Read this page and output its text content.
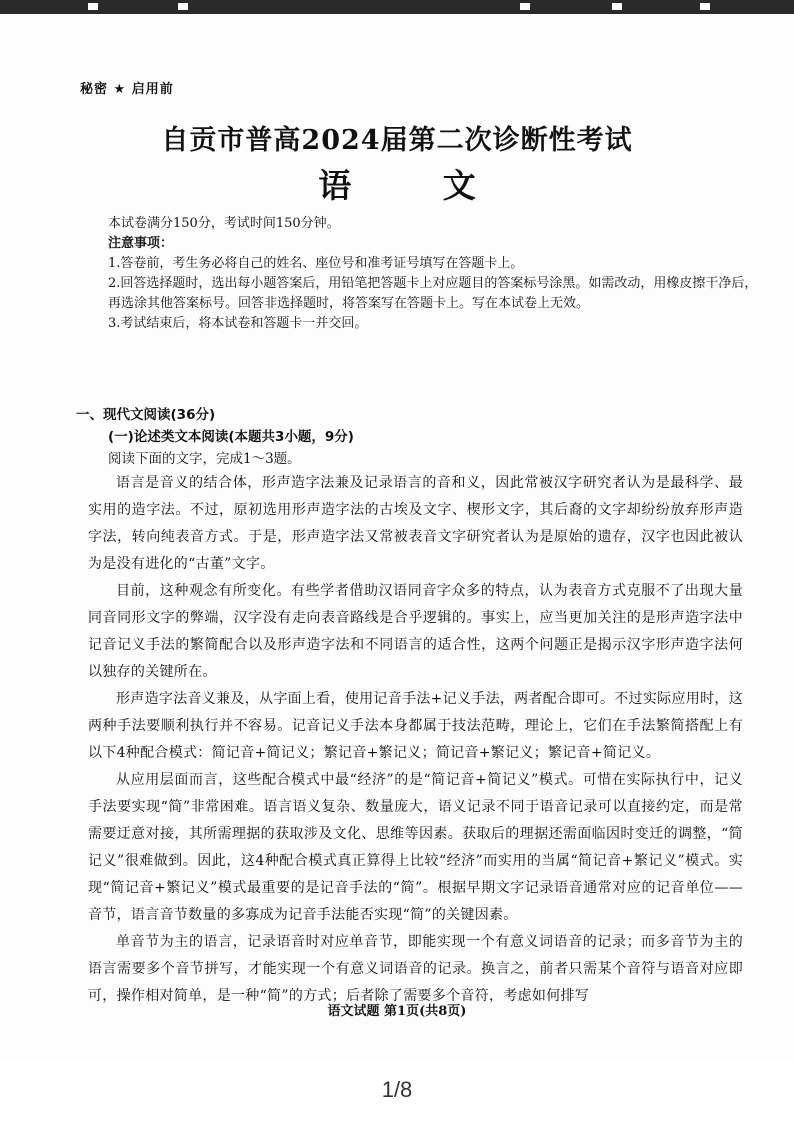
秘密 ★ 启用前
自贡市普高2024届第二次诊断性考试
语 文

本试卷满分150分，考试时间150分钟。

注意事项：

1.答卷前，考生务必将自己的姓名、座位号和准考证号填写在答题卡上。

2.回答选择题时，选出每小题答案后，用铅笔把答题卡上对应题目的答案标号涂黑。如需改动，用橡皮擦干净后，再选涂其他答案标号。回答非选择题时，将答案写在答题卡上。写在本试卷上无效。

3.考试结束后，将本试卷和答题卡一并交回。

一、现代文阅读(36分)
(一)论述类文本阅读(本题共3小题，9分)
阅读下面的文字，完成1～3题。

语言是音义的结合体，形声造字法兼及记录语言的音和义，因此常被汉字研究者认为是最科学、最实用的造字法。不过，原初选用形声造字法的古埃及文字、楔形文字，其后裔的文字却纷纷放弃形声造字法，转向纯表音方式。于是，形声造字法又常被表音文字研究者认为是原始的遗存，汉字也因此被认为是没有进化的“古董”文字。

目前，这种观念有所变化。有些学者借助汉语同音字众多的特点，认为表音方式克服不了出现大量同音同形文字的弊端，汉字没有走向表音路线是合乎逻辑的。事实上，应当更加关注的是形声造字法中记音记义手法的繁简配合以及形声造字法和不同语言的适合性，这两个问题正是揭示汉字形声造字法何以独存的关键所在。

形声造字法音义兼及，从字面上看，使用记音手法+记义手法，两者配合即可。不过实际应用时，这两种手法要顺利执行并不容易。记音记义手法本身都属于技法范畴，理论上，它们在手法繁简搭配上有以下4种配合模式：简记音+简记义；繁记音+繁记义；简记音+繁记义；繁记音+简记义。

从应用层面而言，这些配合模式中最“经济”的是“简记音+简记义”模式。可惜在实际执行中，记义手法要实现“简”非常困难。语言语义复杂、数量庞大，语义记录不同于语音记录可以直接约定，而是常需要迂意对接，其所需理据的获取涉及文化、思维等因素。获取后的理据还需面临因时变迁的调整，“简记义”很难做到。因此，这4种配合模式真正算得上比较“经济”而实用的当属“简记音+繁记义”模式。实现“简记音+繁记义”模式最重要的是记音手法的“简”。根据早期文字记录语音通常对应的记音单位——音节，语言音节数量的多寡成为记音手法能否实现“简”的关键因素。

单音节为主的语言，记录语音时对应单音节，即能实现一个有意义词语音的记录；而多音节为主的语言需要多个音节拼写，才能实现一个有意义词语音的记录。换言之，前者只需某个音符与语音对应即可，操作相对简单，是一种“简”的方式；后者除了需要多个音符，考虑如何排写

语文试题 第1页(共8页)
1/8
